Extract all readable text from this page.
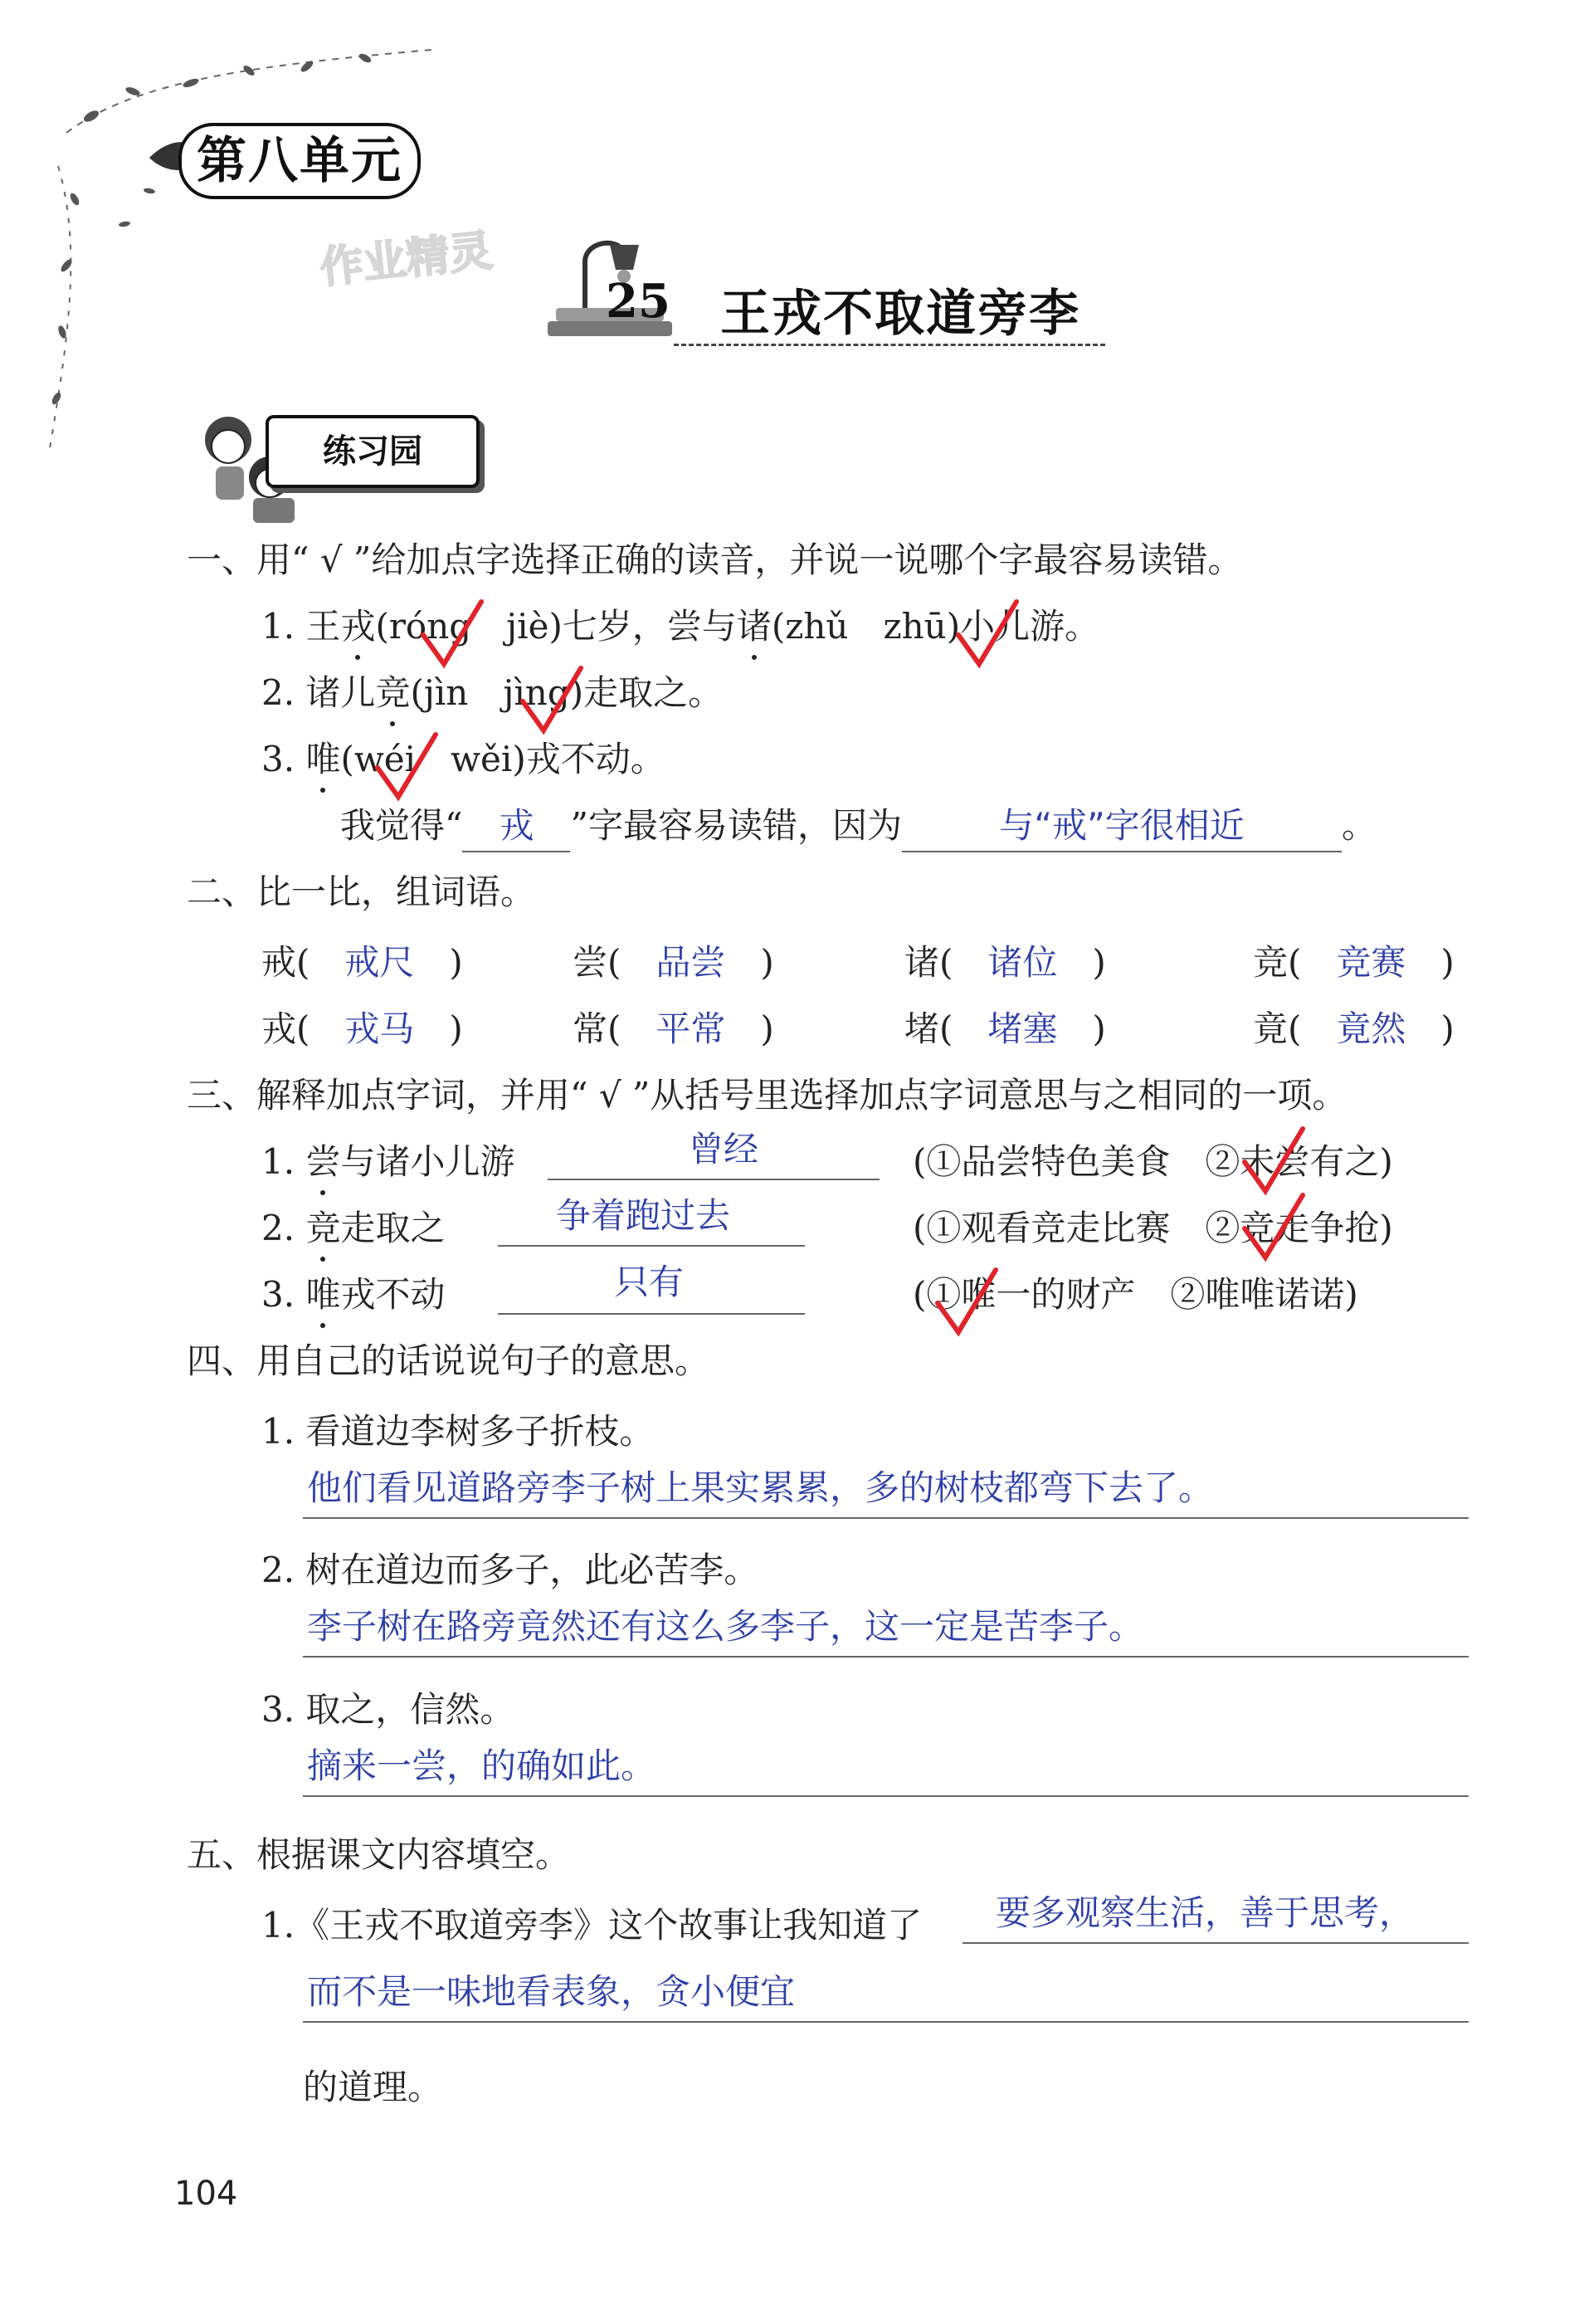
第八单元
作业精灵
25 王戎不取道旁李
练习园
一、用“ √ ”给加点字选择正确的读音，并说一说哪个字最容易读错。
1. 王戎(róng　jiè)七岁，尝与诸(zhǔ　zhū)小儿游。
2. 诸儿竞(jìn　jìng)走取之。
3. 唯(wéi　wěi)戎不动。
我觉得“ 戎 ”字最容易读错，因为	与“戒”字很相近	。
二、比一比，组词语。
戒(　戒尺　)	尝(　品尝　)	诸(　诸位　)	竞(　竞赛　)
戎(　戎马　)	常(　平常　)	堵(　堵塞　)	竟(　竟然　)
三、解释加点字词，并用“ √ ”从括号里选择加点字词意思与之相同的一项。
1. 尝与诸小儿游	曾经	(①品尝特色美食　②未尝有之)
2. 竞走取之	争着跑过去	(①观看竞走比赛　②竞走争抢)
3. 唯戎不动	只有	(①唯一的财产　②唯唯诺诺)
四、用自己的话说说句子的意思。
1. 看道边李树多子折枝。
他们看见道路旁李子树上果实累累，多的树枝都弯下去了。
2. 树在道边而多子，此必苦李。
李子树在路旁竟然还有这么多李子，这一定是苦李子。
3. 取之，信然。
摘来一尝，的确如此。
五、根据课文内容填空。
1.《王戎不取道旁李》这个故事让我知道了 要多观察生活，善于思考，
而不是一味地看表象，贪小便宜
的道理。
104
